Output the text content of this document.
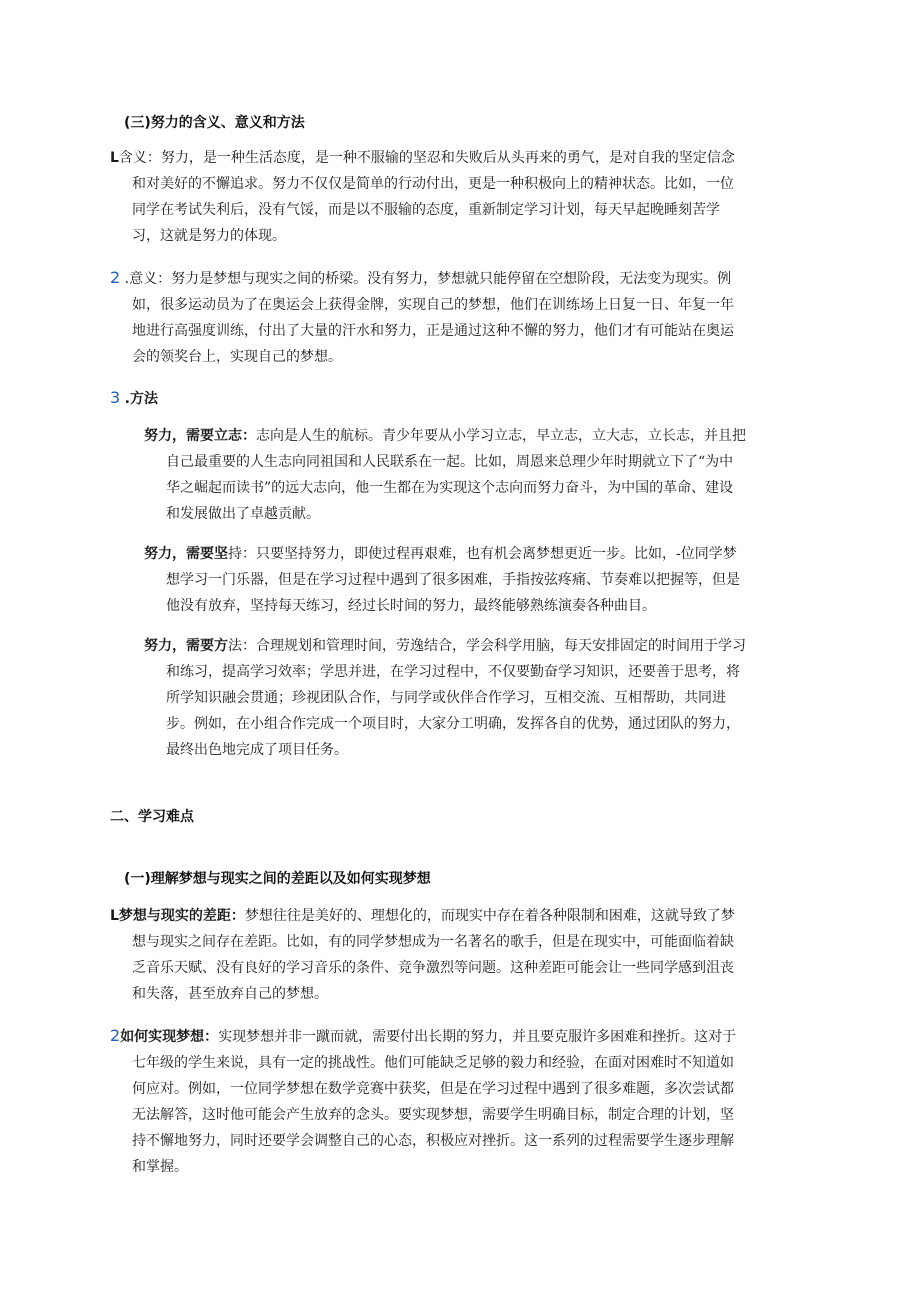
(三)努力的含义、意义和方法
L含义：努力，是一种生活态度，是一种不服输的坚忍和失败后从头再来的勇气，是对自我的坚定信念
和对美好的不懈追求。努力不仅仅是简单的行动付出，更是一种积极向上的精神状态。比如，一位
同学在考试失利后，没有气馁，而是以不服输的态度，重新制定学习计划，每天早起晚睡刻苦学
习，这就是努力的体现。
2 .意义：努力是梦想与现实之间的桥梁。没有努力，梦想就只能停留在空想阶段，无法变为现实。例
如，很多运动员为了在奥运会上获得金牌，实现自己的梦想，他们在训练场上日复一日、年复一年
地进行高强度训练，付出了大量的汗水和努力，正是通过这种不懈的努力，他们才有可能站在奥运
会的领奖台上，实现自己的梦想。
3 .方法
努力，需要立志：志向是人生的航标。青少年要从小学习立志，早立志，立大志，立长志，并且把
自己最重要的人生志向同祖国和人民联系在一起。比如，周恩来总理少年时期就立下了“为中
华之崛起而读书”的远大志向，他一生都在为实现这个志向而努力奋斗，为中国的革命、建设
和发展做出了卓越贡献。
努力，需要坚持：只要坚持努力，即使过程再艰难，也有机会离梦想更近一步。比如，-位同学梦
想学习一门乐器，但是在学习过程中遇到了很多困难，手指按弦疼痛、节奏难以把握等，但是
他没有放弃，坚持每天练习，经过长时间的努力，最终能够熟练演奏各种曲目。
努力，需要方法：合理规划和管理时间，劳逸结合，学会科学用脑，每天安排固定的时间用于学习
和练习，提高学习效率；学思并进，在学习过程中，不仅要勤奋学习知识，还要善于思考，将
所学知识融会贯通；珍视团队合作，与同学或伙伴合作学习，互相交流、互相帮助，共同进
步。例如，在小组合作完成一个项目时，大家分工明确，发挥各自的优势，通过团队的努力，
最终出色地完成了项目任务。
二、学习难点
(一)理解梦想与现实之间的差距以及如何实现梦想
L梦想与现实的差距：梦想往往是美好的、理想化的，而现实中存在着各种限制和困难，这就导致了梦
想与现实之间存在差距。比如，有的同学梦想成为一名著名的歌手，但是在现实中，可能面临着缺
乏音乐天赋、没有良好的学习音乐的条件、竞争激烈等问题。这种差距可能会让一些同学感到沮丧
和失落，甚至放弃自己的梦想。
2如何实现梦想：实现梦想并非一蹴而就，需要付出长期的努力，并且要克服许多困难和挫折。这对于
七年级的学生来说，具有一定的挑战性。他们可能缺乏足够的毅力和经验，在面对困难时不知道如
何应对。例如，一位同学梦想在数学竞赛中获奖，但是在学习过程中遇到了很多难题，多次尝试都
无法解答，这时他可能会产生放弃的念头。要实现梦想，需要学生明确目标，制定合理的计划，坚
持不懈地努力，同时还要学会调整自己的心态，积极应对挫折。这一系列的过程需要学生逐步理解
和掌握。
